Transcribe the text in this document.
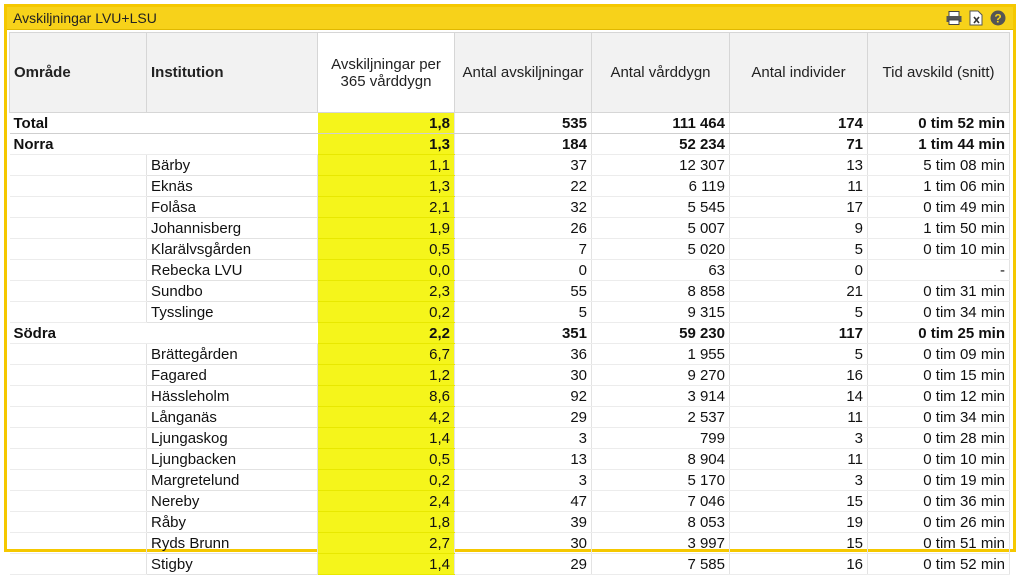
Avskiljningar LVU+LSU	?
Område	Institution	Avskiljningar per 365 vårddygn	Antal avskiljningar	Antal vårddygn	Antal individer	Tid avskild (snitt)
Total		1,8	535	111 464	174	0 tim 52 min
Norra		1,3	184	52 234	71	1 tim 44 min
	Bärby	1,1	37	12 307	13	5 tim 08 min
	Eknäs	1,3	22	6 119	11	1 tim 06 min
	Folåsa	2,1	32	5 545	17	0 tim 49 min
	Johannisberg	1,9	26	5 007	9	1 tim 50 min
	Klarälvsgården	0,5	7	5 020	5	0 tim 10 min
	Rebecka LVU	0,0	0	63	0	-
	Sundbo	2,3	55	8 858	21	0 tim 31 min
	Tysslinge	0,2	5	9 315	5	0 tim 34 min
Södra		2,2	351	59 230	117	0 tim 25 min
	Brättegården	6,7	36	1 955	5	0 tim 09 min
	Fagared	1,2	30	9 270	16	0 tim 15 min
	Hässleholm	8,6	92	3 914	14	0 tim 12 min
	Långanäs	4,2	29	2 537	11	0 tim 34 min
	Ljungaskog	1,4	3	799	3	0 tim 28 min
	Ljungbacken	0,5	13	8 904	11	0 tim 10 min
	Margretelund	0,2	3	5 170	3	0 tim 19 min
	Nereby	2,4	47	7 046	15	0 tim 36 min
	Råby	1,8	39	8 053	19	0 tim 26 min
	Ryds Brunn	2,7	30	3 997	15	0 tim 51 min
	Stigby	1,4	29	7 585	16	0 tim 52 min
